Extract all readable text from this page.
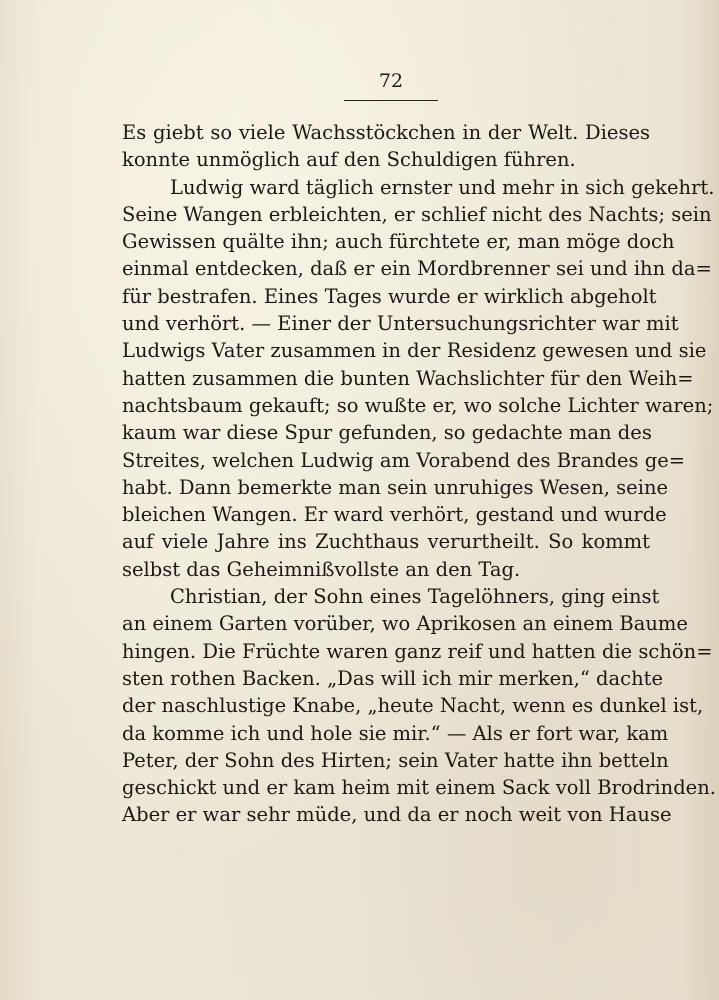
72
Es giebt so viele Wachsstöckchen in der Welt. Dieses
konnte unmöglich auf den Schuldigen führen.
Ludwig ward täglich ernster und mehr in sich gekehrt.
Seine Wangen erbleichten, er schlief nicht des Nachts; sein
Gewissen quälte ihn; auch fürchtete er, man möge doch
einmal entdecken, daß er ein Mordbrenner sei und ihn da=
für bestrafen. Eines Tages wurde er wirklich abgeholt
und verhört. — Einer der Untersuchungsrichter war mit
Ludwigs Vater zusammen in der Residenz gewesen und sie
hatten zusammen die bunten Wachslichter für den Weih=
nachtsbaum gekauft; so wußte er, wo solche Lichter waren;
kaum war diese Spur gefunden, so gedachte man des
Streites, welchen Ludwig am Vorabend des Brandes ge=
habt. Dann bemerkte man sein unruhiges Wesen, seine
bleichen Wangen. Er ward verhört, gestand und wurde
auf viele Jahre ins Zuchthaus verurtheilt. So kommt
selbst das Geheimnißvollste an den Tag.
Christian, der Sohn eines Tagelöhners, ging einst
an einem Garten vorüber, wo Aprikosen an einem Baume
hingen. Die Früchte waren ganz reif und hatten die schön=
sten rothen Backen. „Das will ich mir merken,“ dachte
der naschlustige Knabe, „heute Nacht, wenn es dunkel ist,
da komme ich und hole sie mir.“ — Als er fort war, kam
Peter, der Sohn des Hirten; sein Vater hatte ihn betteln
geschickt und er kam heim mit einem Sack voll Brodrinden.
Aber er war sehr müde, und da er noch weit von Hause
